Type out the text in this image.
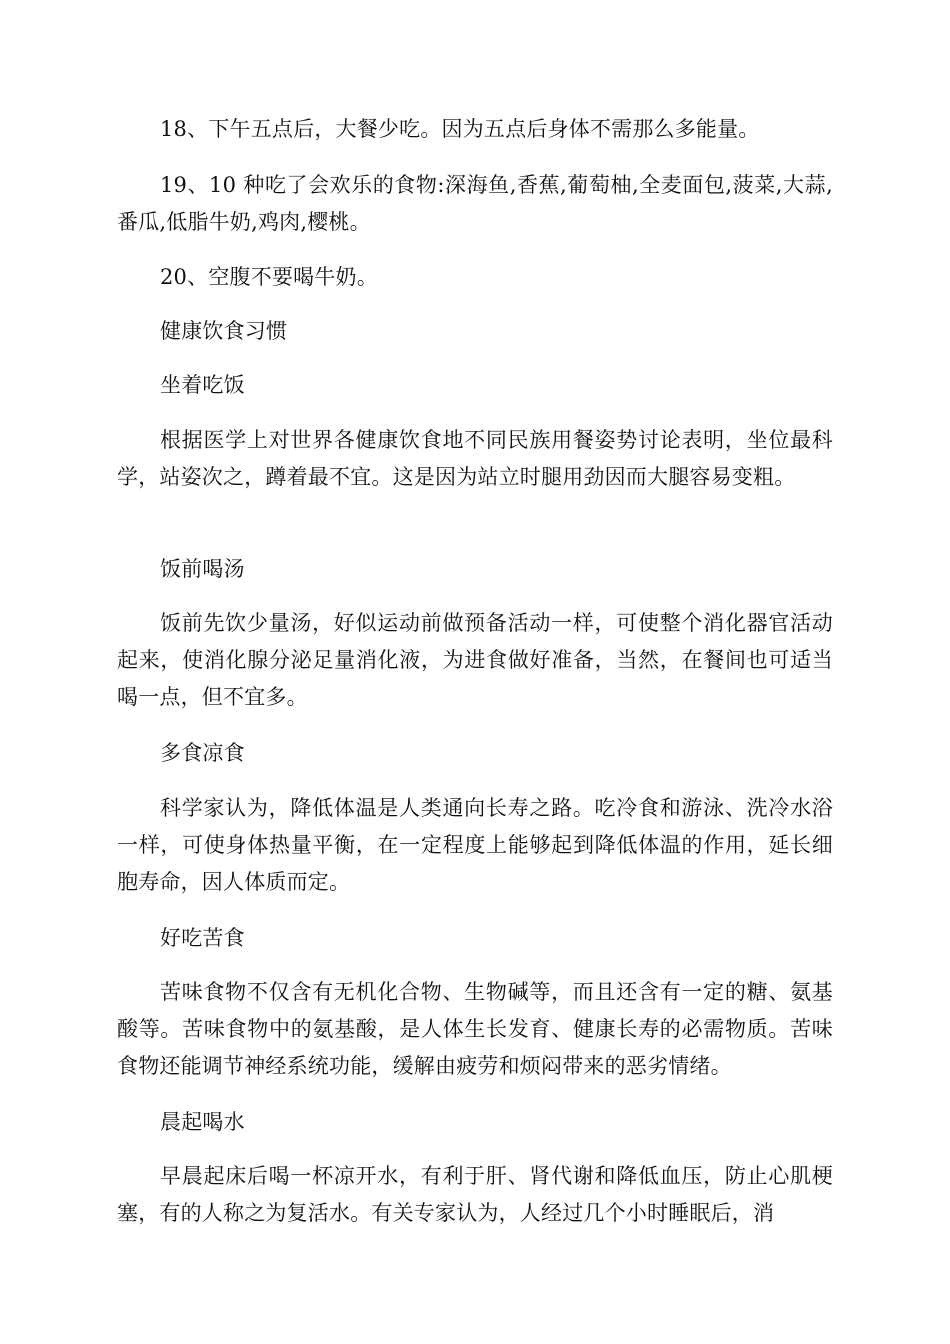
18、下午五点后，大餐少吃。因为五点后身体不需那么多能量。

19、10 种吃了会欢乐的食物:深海鱼,香蕉,葡萄柚,全麦面包,菠菜,大蒜,番瓜,低脂牛奶,鸡肉,樱桃。

20、空腹不要喝牛奶。

健康饮食习惯

坐着吃饭

根据医学上对世界各健康饮食地不同民族用餐姿势讨论表明，坐位最科学，站姿次之，蹲着最不宜。这是因为站立时腿用劲因而大腿容易变粗。

饭前喝汤

饭前先饮少量汤，好似运动前做预备活动一样，可使整个消化器官活动起来，使消化腺分泌足量消化液，为进食做好准备，当然，在餐间也可适当喝一点，但不宜多。

多食凉食

科学家认为，降低体温是人类通向长寿之路。吃冷食和游泳、洗冷水浴一样，可使身体热量平衡，在一定程度上能够起到降低体温的作用，延长细胞寿命，因人体质而定。

好吃苦食

苦味食物不仅含有无机化合物、生物碱等，而且还含有一定的糖、氨基酸等。苦味食物中的氨基酸，是人体生长发育、健康长寿的必需物质。苦味食物还能调节神经系统功能，缓解由疲劳和烦闷带来的恶劣情绪。

晨起喝水

早晨起床后喝一杯凉开水，有利于肝、肾代谢和降低血压，防止心肌梗塞，有的人称之为复活水。有关专家认为，人经过几个小时睡眠后，消
